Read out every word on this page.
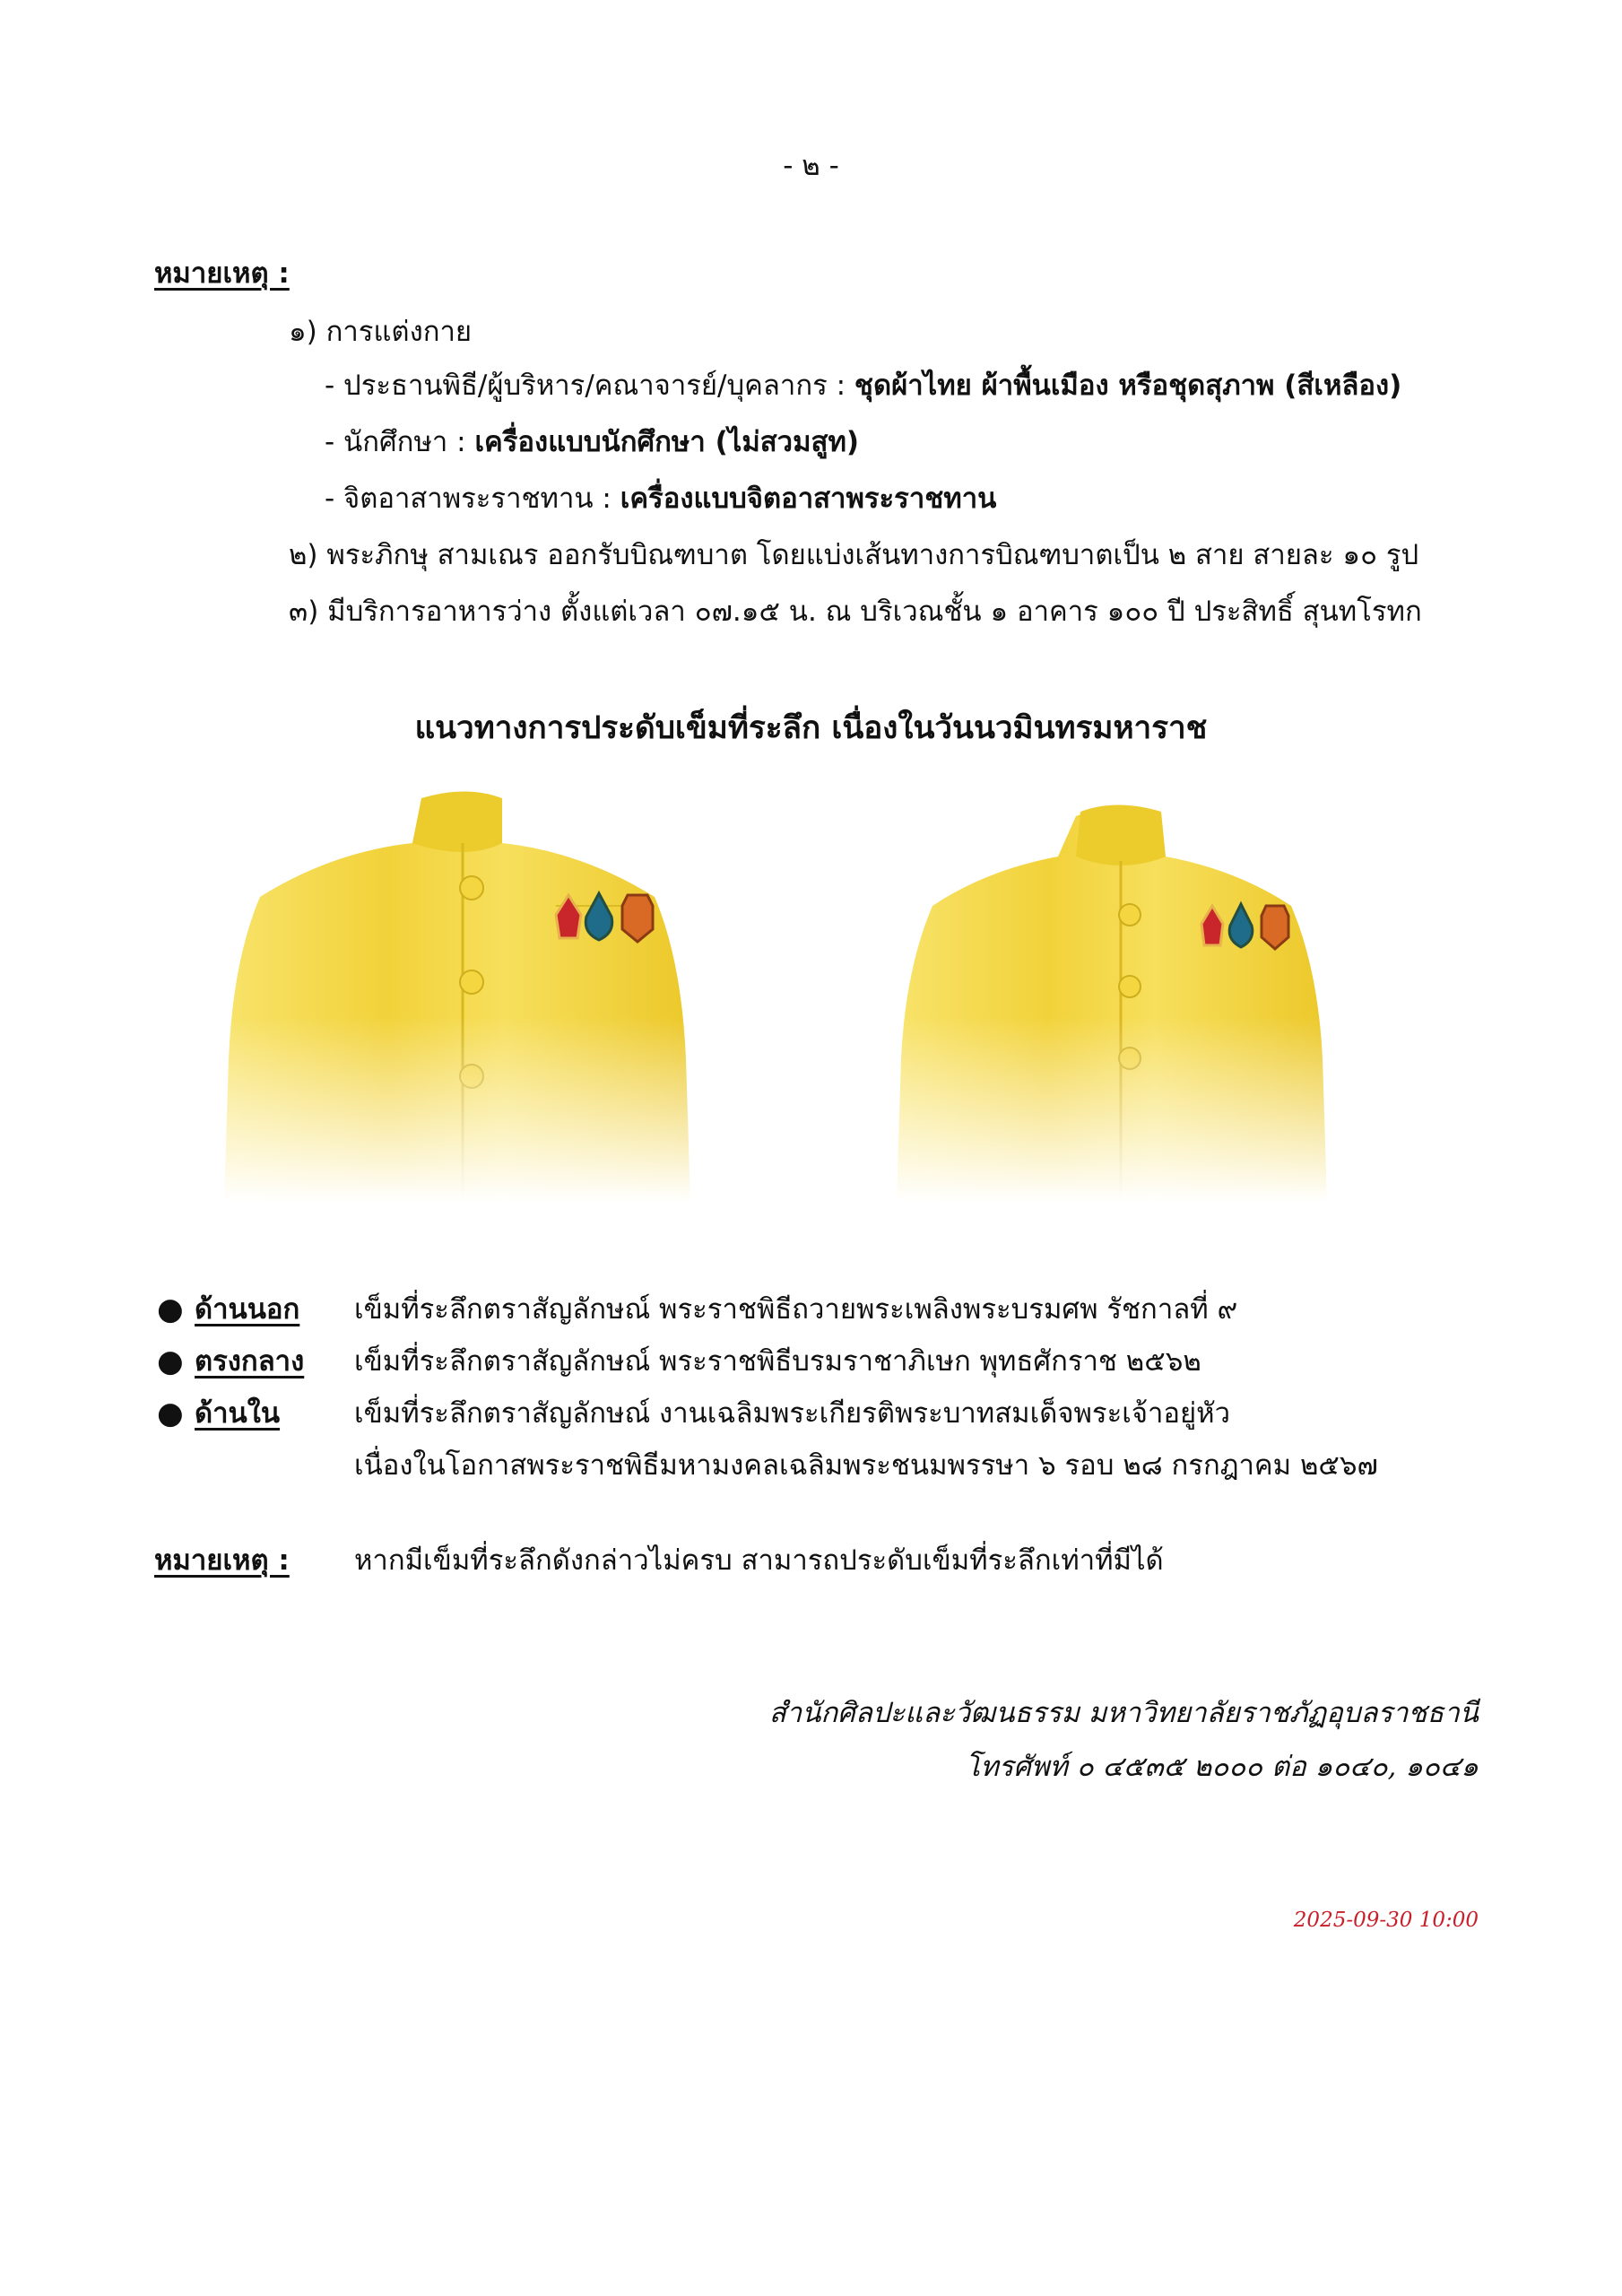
- ๒ -
หมายเหตุ :
๑) การแต่งกาย
- ประธานพิธี/ผู้บริหาร/คณาจารย์/บุคลากร : ชุดผ้าไทย ผ้าพื้นเมือง หรือชุดสุภาพ (สีเหลือง)
- นักศึกษา : เครื่องแบบนักศึกษา (ไม่สวมสูท)
- จิตอาสาพระราชทาน : เครื่องแบบจิตอาสาพระราชทาน
๒) พระภิกษุ สามเณร ออกรับบิณฑบาต โดยแบ่งเส้นทางการบิณฑบาตเป็น ๒ สาย สายละ ๑๐ รูป
๓) มีบริการอาหารว่าง ตั้งแต่เวลา ๐๗.๑๕ น. ณ บริเวณชั้น ๑ อาคาร ๑๐๐ ปี ประสิทธิ์ สุนทโรทก
แนวทางการประดับเข็มที่ระลึก เนื่องในวันนวมินทรมหาราช
● ด้านนอก เข็มที่ระลึกตราสัญลักษณ์ พระราชพิธีถวายพระเพลิงพระบรมศพ รัชกาลที่ ๙
● ตรงกลาง เข็มที่ระลึกตราสัญลักษณ์ พระราชพิธีบรมราชาภิเษก พุทธศักราช ๒๕๖๒
● ด้านใน	เข็มที่ระลึกตราสัญลักษณ์ งานเฉลิมพระเกียรติพระบาทสมเด็จพระเจ้าอยู่หัว
เนื่องในโอกาสพระราชพิธีมหามงคลเฉลิมพระชนมพรรษา ๖ รอบ ๒๘ กรกฎาคม ๒๕๖๗
หมายเหตุ : หากมีเข็มที่ระลึกดังกล่าวไม่ครบ สามารถประดับเข็มที่ระลึกเท่าที่มีได้
สำนักศิลปะและวัฒนธรรม มหาวิทยาลัยราชภัฏอุบลราชธานี
โทรศัพท์ ๐ ๔๕๓๕ ๒๐๐๐ ต่อ ๑๐๔๐, ๑๐๔๑
2025-09-30 10:00
